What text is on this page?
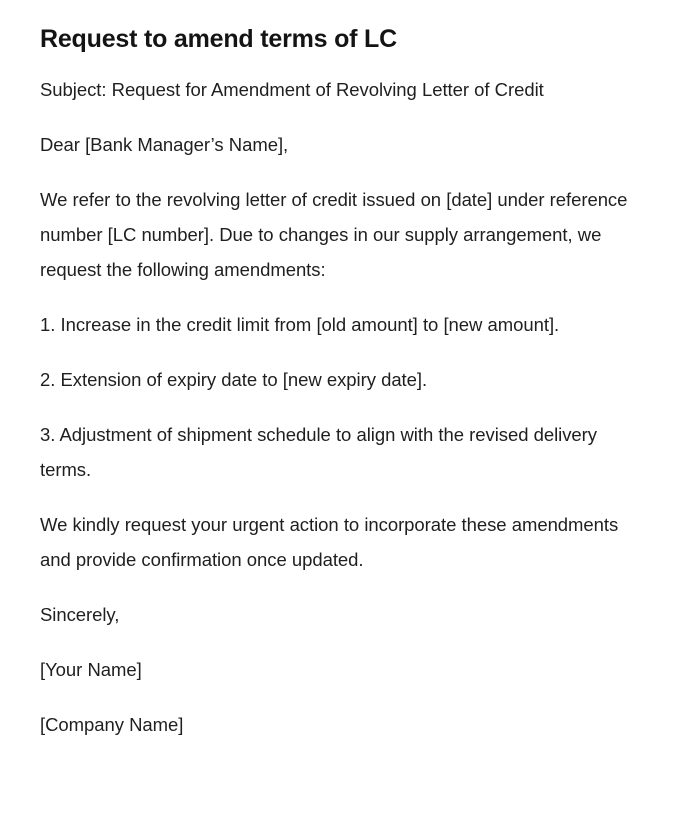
Request to amend terms of LC

Subject: Request for Amendment of Revolving Letter of Credit

Dear [Bank Manager’s Name],

We refer to the revolving letter of credit issued on [date] under reference number [LC number]. Due to changes in our supply arrangement, we request the following amendments:

1. Increase in the credit limit from [old amount] to [new amount].

2. Extension of expiry date to [new expiry date].

3. Adjustment of shipment schedule to align with the revised delivery terms.

We kindly request your urgent action to incorporate these amendments and provide confirmation once updated.

Sincerely,

[Your Name]

[Company Name]
